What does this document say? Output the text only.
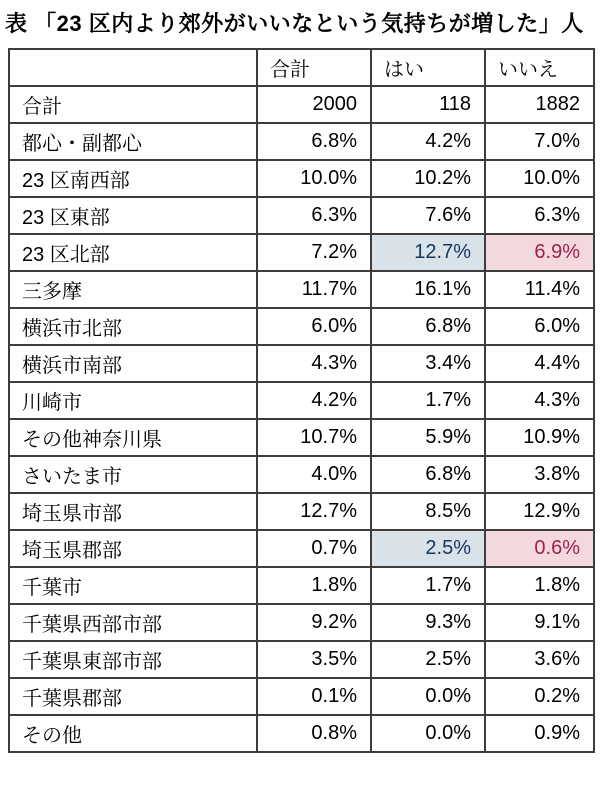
表 「23 区内より郊外がいいなという気持ちが増した」人
	合計	はい	いいえ
合計	2000	118	1882
都心・副都心	6.8%	4.2%	7.0%
23 区南西部	10.0%	10.2%	10.0%
23 区東部	6.3%	7.6%	6.3%
23 区北部	7.2%	12.7%	6.9%
三多摩	11.7%	16.1%	11.4%
横浜市北部	6.0%	6.8%	6.0%
横浜市南部	4.3%	3.4%	4.4%
川崎市	4.2%	1.7%	4.3%
その他神奈川県	10.7%	5.9%	10.9%
さいたま市	4.0%	6.8%	3.8%
埼玉県市部	12.7%	8.5%	12.9%
埼玉県郡部	0.7%	2.5%	0.6%
千葉市	1.8%	1.7%	1.8%
千葉県西部市部	9.2%	9.3%	9.1%
千葉県東部市部	3.5%	2.5%	3.6%
千葉県郡部	0.1%	0.0%	0.2%
その他	0.8%	0.0%	0.9%
